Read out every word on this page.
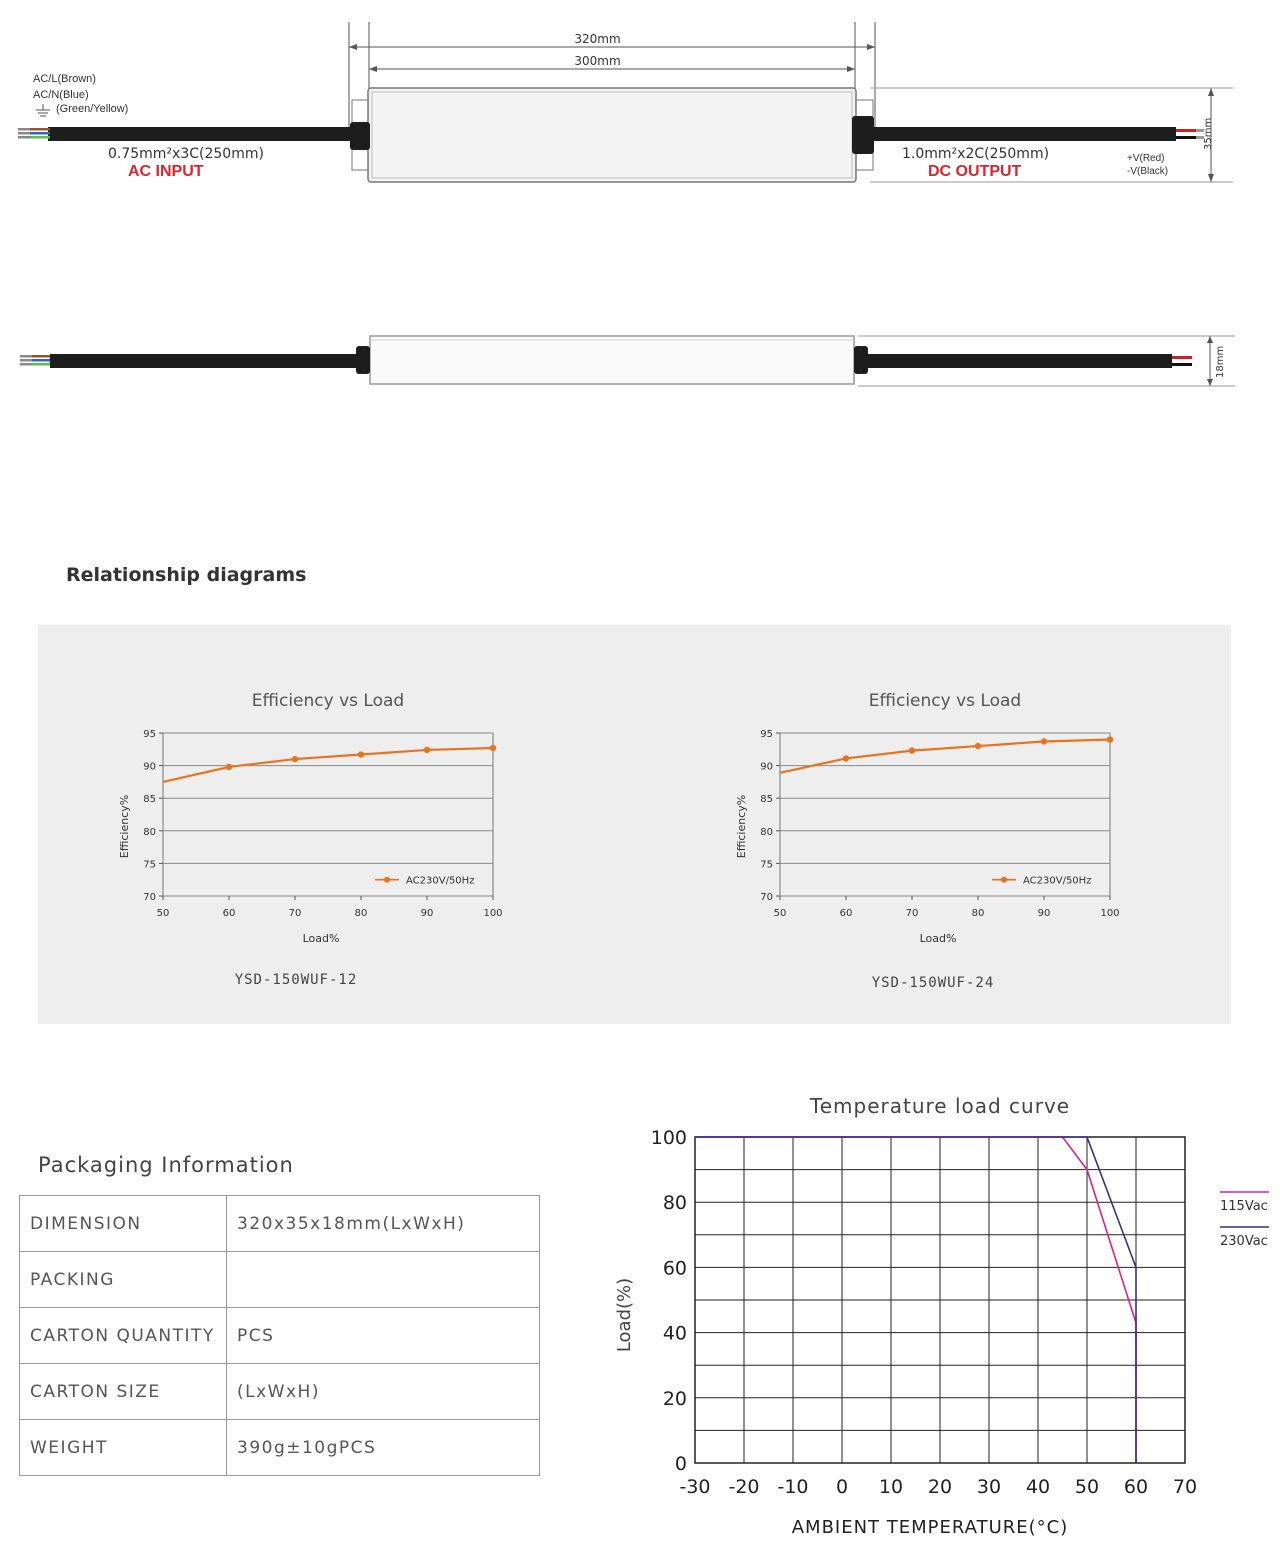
320mm
300mm
AC/L(Brown)
AC/N(Blue)
(Green/Yellow)
0.75mm²x3C(250mm)
AC INPUT
1.0mm²x2C(250mm)
DC OUTPUT
+V(Red)
-V(Black)
35mm
18mm
Relationship diagrams
Efficiency vs Load
70
75
80
85
90
95
50	60	70	80	90	100
Load%
Efficiency%
AC230V/50Hz
YSD-150WUF-12
Efficiency vs Load
70
75
80
85
90
95
50	60	70	80	90	100
Load%
Efficiency%
AC230V/50Hz
YSD-150WUF-24
Packaging Information
DIMENSION	320x35x18mm(LxWxH)
PACKING	
CARTON QUANTITY	PCS
CARTON SIZE	(LxWxH)
WEIGHT	390g±10gPCS
Temperature load curve
-30 -20 -10 0 10 20 30 40 50 60 70
0
20
40
60
80
100
AMBIENT TEMPERATURE(°C)
Load(%)
115Vac
230Vac
